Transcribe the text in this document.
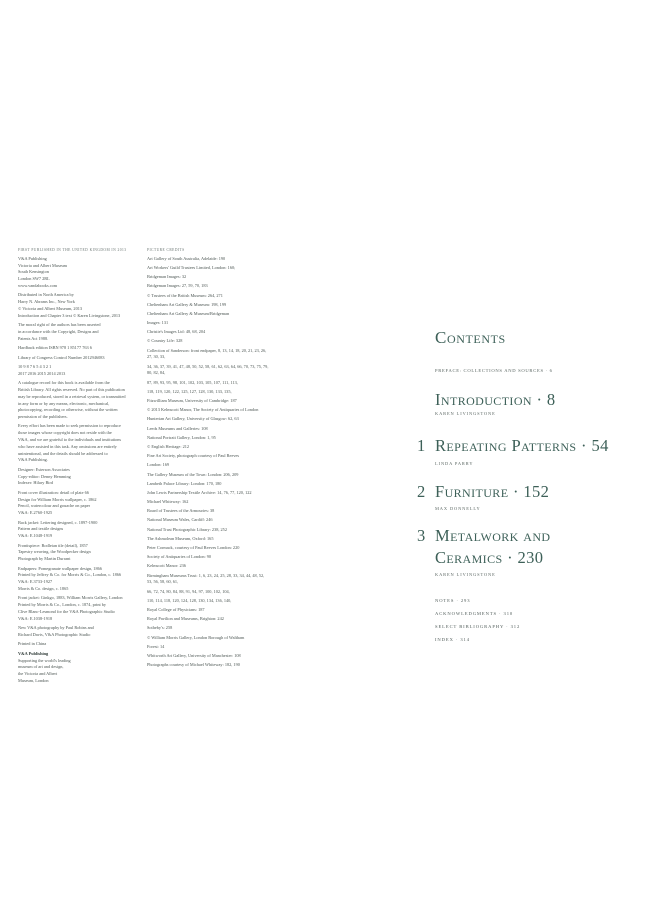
FIRST PUBLISHED IN THE UNITED KINGDOM IN 2013
V&A Publishing
Victoria and Albert Museum
South Kensington
London SW7 2RL
www.vandabooks.com
Distributed in North America by
Harry N. Abrams Inc., New York
© Victoria and Albert Museum, 2013
Introduction and Chapter 3 text © Karen Livingstone, 2013
The moral right of the authors has been asserted
in accordance with the Copyright, Designs and
Patents Act 1988.
Hardback edition ISBN 978 1 85177 763 6
Library of Congress Control Number 2012946083
10 9 8 7 6 5 4 3 2 1
2017 2016 2015 2014 2013
A catalogue record for this book is available from the
British Library. All rights reserved. No part of this publication
may be reproduced, stored in a retrieval system, or transmitted
in any form or by any means, electronic, mechanical,
photocopying, recording or otherwise, without the written
permission of the publishers.
Every effort has been made to seek permission to reproduce
those images whose copyright does not reside with the
V&A, and we are grateful to the individuals and institutions
who have assisted in this task. Any omissions are entirely
unintentional, and the details should be addressed to
V&A Publishing.
Designer: Esterson Associates
Copy-editor: Denny Hemming
Indexer: Hilary Bird
Front cover illustration: detail of plate 66
Design for William Morris wallpaper, c. 1862
Pencil, watercolour and gouache on paper
V&A: E.2760-1925
Back jacket: Lettering designed, c. 1897-1900
Pattern and textile designs
V&A: E.1048-1919
Frontispiece: Bodleian tile (detail), 1857
Tapestry weaving, the Woodpecker design
Photograph by Martin Durrant
Endpapers: Pomegranate wallpaper design, 1866
Printed by Jeffrey & Co. for Morris & Co., London, c. 1866
V&A: E.3733-1927
Morris & Co. design, c. 1865
Front jacket: Ginkgo, 1883, William Morris Gallery, London
Printed by Morris & Co., London, c. 1874, print by
Clive Blanc-Lesmond for the V&A Photographic Studio
V&A: E.1038-1918
New V&A photography by Paul Robins and
Richard Davis, V&A Photographic Studio
Printed in China
V&A Publishing
Supporting the world's leading
museum of art and design,
the Victoria and Albert
Museum, London
PICTURE CREDITS
Art Gallery of South Australia, Adelaide: 190
Art Workers' Guild Trustees Limited, London: 160;
Bridgeman Images: 32
Bridgeman Images: 27, 59, 70, 183
© Trustees of the British Museum: 264, 271
Cheltenham Art Gallery & Museum: 198, 199
Cheltenham Art Gallery & Museum/Bridgeman
Images: 131
Christie's Images Ltd: 48, 68, 204
© Country Life: 328
Collection of Sanderson: front endpaper, 8, 13, 14, 18, 20, 21, 23, 26, 27, 30, 33,
34, 36, 37, 39, 41, 47, 48, 50, 52, 58, 61, 62, 63, 64, 66, 70, 73, 75, 79, 80, 82, 84,
87, 89, 93, 95, 98, 101, 102, 103, 105, 107, 111, 113,
118, 119, 120, 122, 125, 127, 128, 130, 133, 135,
Fitzwilliam Museum, University of Cambridge: 187
© 2013 Kelmscott Manor, The Society of Antiquaries of London
Hunterian Art Gallery, University of Glasgow: 62, 63
Leeds Museums and Galleries: 108
National Portrait Gallery, London: 1, 95
© English Heritage: 212
Fine Art Society, photograph courtesy of Paul Reeves
London: 169
The Gallery Museum of the Town: London: 206, 209
Lambeth Palace Library: London: 170, 180
John Lewis Partnership Textile Archive: 14, 76, 77, 120, 122
Michael Whiteway: 162
Board of Trustees of the Armouries: 38
National Museum Wales, Cardiff: 246
National Trust Photographic Library: 238, 252
The Ashmolean Museum, Oxford: 165
Peter Cormack, courtesy of Paul Reeves London: 220
Society of Antiquaries of London: 90
Kelmscott Manor: 236
Birmingham Museums Trust: 1, 6, 23, 24, 25, 28, 33, 34, 44, 48, 52, 53, 56, 58, 60, 61,
66, 72, 74, 80, 84, 88, 91, 94, 97, 100, 102, 104,
110, 114, 118, 120, 124, 128, 130, 134, 136, 140,
Royal College of Physicians: 187
Royal Pavilion and Museums, Brighton: 242
Sotheby's: 258
© William Morris Gallery, London Borough of Waltham
Forest: 14
Whitworth Art Gallery, University of Manchester: 108
Photographs courtesy of Michael Whiteway: 182, 190
Contents
PREFACE: COLLECTIONS AND SOURCES · 6
Introduction · 8
KAREN LIVINGSTONE
1 Repeating Patterns · 54
LINDA PARRY
2 Furniture · 152
MAX DONNELLY
3 Metalwork and
Ceramics · 230
KAREN LIVINGSTONE
NOTES · 293
ACKNOWLEDGMENTS · 310
SELECT BIBLIOGRAPHY · 312
INDEX · 314
